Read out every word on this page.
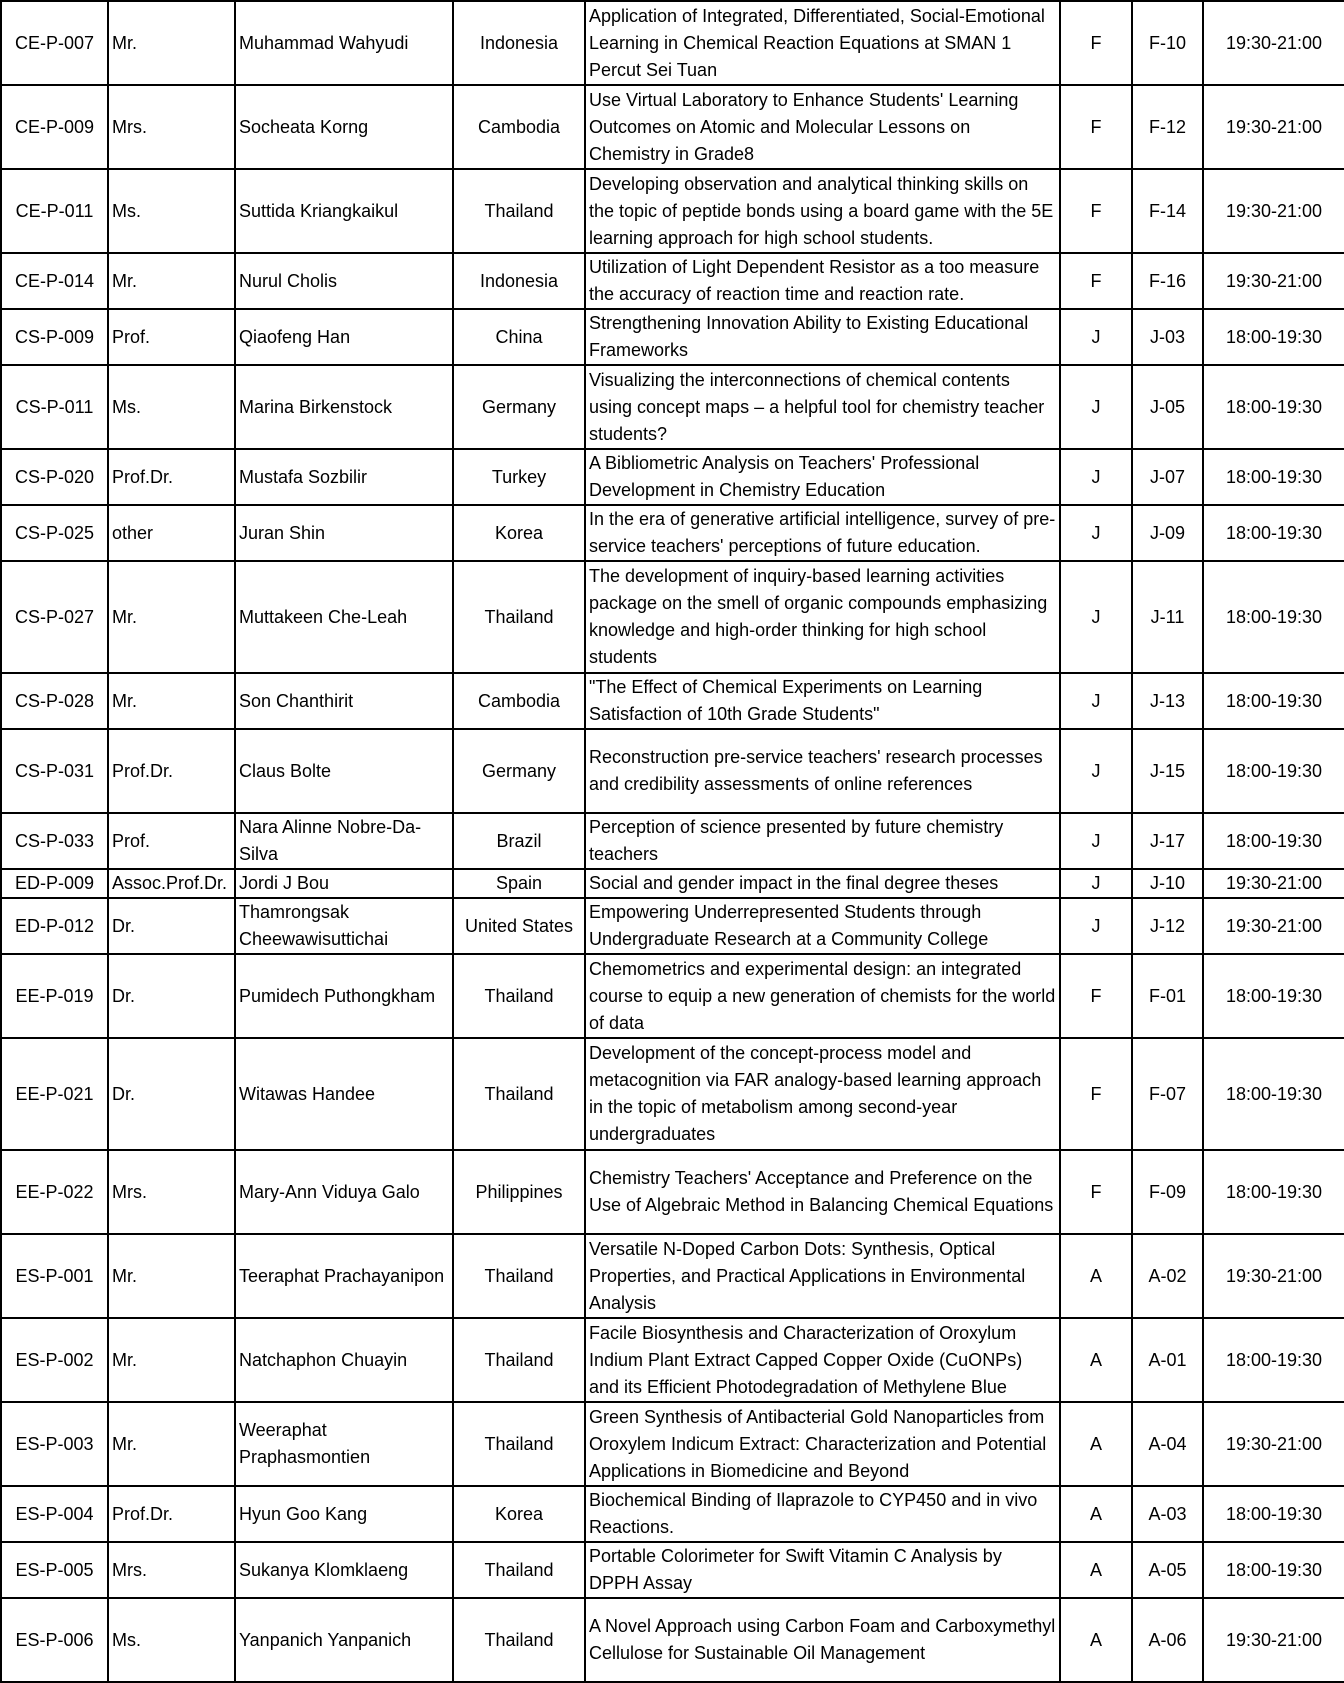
CE-P-007	Mr.	Muhammad Wahyudi	Indonesia	Application of Integrated, Differentiated, Social-Emotional Learning in Chemical Reaction Equations at SMAN 1 Percut Sei Tuan	F	F-10	19:30-21:00
CE-P-009	Mrs.	Socheata Korng	Cambodia	Use Virtual Laboratory to Enhance Students' Learning Outcomes on Atomic and Molecular Lessons on Chemistry in Grade8	F	F-12	19:30-21:00
CE-P-011	Ms.	Suttida Kriangkaikul	Thailand	Developing observation and analytical thinking skills on the topic of peptide bonds using a board game with the 5E learning approach for high school students.	F	F-14	19:30-21:00
CE-P-014	Mr.	Nurul Cholis	Indonesia	Utilization of Light Dependent Resistor as a too measure the accuracy of reaction time and reaction rate.	F	F-16	19:30-21:00
CS-P-009	Prof.	Qiaofeng Han	China	Strengthening Innovation Ability to Existing Educational Frameworks	J	J-03	18:00-19:30
CS-P-011	Ms.	Marina Birkenstock	Germany	Visualizing the interconnections of chemical contents using concept maps – a helpful tool for chemistry teacher students?	J	J-05	18:00-19:30
CS-P-020	Prof.Dr.	Mustafa Sozbilir	Turkey	A Bibliometric Analysis on Teachers' Professional Development in Chemistry Education	J	J-07	18:00-19:30
CS-P-025	other	Juran Shin	Korea	In the era of generative artificial intelligence, survey of pre-service teachers' perceptions of future education.	J	J-09	18:00-19:30
CS-P-027	Mr.	Muttakeen Che-Leah	Thailand	The development of inquiry-based learning activities package on the smell of organic compounds emphasizing knowledge and high-order thinking for high school students	J	J-11	18:00-19:30
CS-P-028	Mr.	Son Chanthirit	Cambodia	"The Effect of Chemical Experiments on Learning Satisfaction of 10th Grade Students"	J	J-13	18:00-19:30
CS-P-031	Prof.Dr.	Claus Bolte	Germany	Reconstruction pre-service teachers' research processes and credibility assessments of online references	J	J-15	18:00-19:30
CS-P-033	Prof.	Nara Alinne Nobre-Da-Silva	Brazil	Perception of science presented by future chemistry teachers	J	J-17	18:00-19:30
ED-P-009	Assoc.Prof.Dr.	Jordi J Bou	Spain	Social and gender impact in the final degree theses	J	J-10	19:30-21:00
ED-P-012	Dr.	Thamrongsak Cheewawisuttichai	United States	Empowering Underrepresented Students through Undergraduate Research at a Community College	J	J-12	19:30-21:00
EE-P-019	Dr.	Pumidech Puthongkham	Thailand	Chemometrics and experimental design: an integrated course to equip a new generation of chemists for the world of data	F	F-01	18:00-19:30
EE-P-021	Dr.	Witawas Handee	Thailand	Development of the concept-process model and metacognition via FAR analogy-based learning approach in the topic of metabolism among second-year undergraduates	F	F-07	18:00-19:30
EE-P-022	Mrs.	Mary-Ann Viduya Galo	Philippines	Chemistry Teachers' Acceptance and Preference on the Use of Algebraic Method in Balancing Chemical Equations	F	F-09	18:00-19:30
ES-P-001	Mr.	Teeraphat Prachayanipon	Thailand	Versatile N-Doped Carbon Dots: Synthesis, Optical Properties, and Practical Applications in Environmental Analysis	A	A-02	19:30-21:00
ES-P-002	Mr.	Natchaphon Chuayin	Thailand	Facile Biosynthesis and Characterization of Oroxylum Indium Plant Extract Capped Copper Oxide (CuONPs) and its Efficient Photodegradation of Methylene Blue	A	A-01	18:00-19:30
ES-P-003	Mr.	Weeraphat Praphasmontien	Thailand	Green Synthesis of Antibacterial Gold Nanoparticles from Oroxylem Indicum Extract: Characterization and Potential Applications in Biomedicine and Beyond	A	A-04	19:30-21:00
ES-P-004	Prof.Dr.	Hyun Goo Kang	Korea	Biochemical Binding of Ilaprazole to CYP450 and in vivo Reactions.	A	A-03	18:00-19:30
ES-P-005	Mrs.	Sukanya Klomklaeng	Thailand	Portable Colorimeter for Swift Vitamin C Analysis by DPPH Assay	A	A-05	18:00-19:30
ES-P-006	Ms.	Yanpanich Yanpanich	Thailand	A Novel Approach using Carbon Foam and Carboxymethyl Cellulose for Sustainable Oil Management	A	A-06	19:30-21:00
